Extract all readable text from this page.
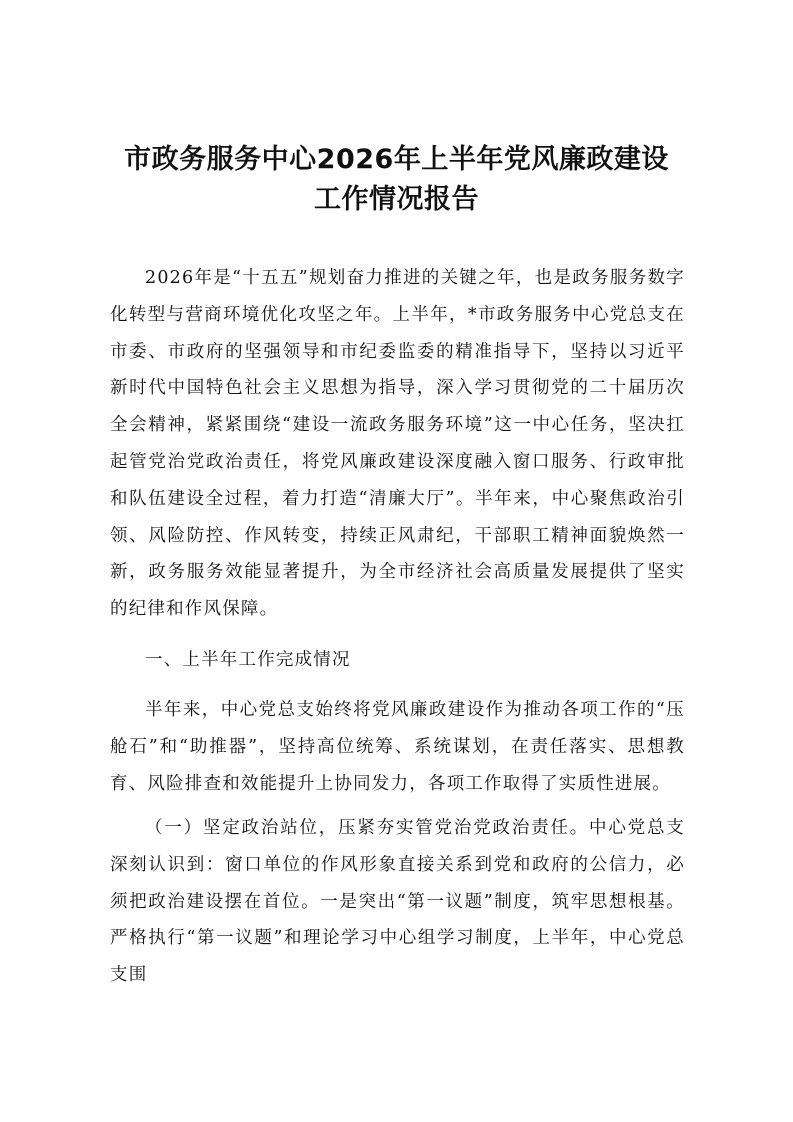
市政务服务中心2026年上半年党风廉政建设
工作情况报告

2026年是“十五五”规划奋力推进的关键之年，也是政务服务数字化转型与营商环境优化攻坚之年。上半年，*市政务服务中心党总支在市委、市政府的坚强领导和市纪委监委的精准指导下，坚持以习近平新时代中国特色社会主义思想为指导，深入学习贯彻党的二十届历次全会精神，紧紧围绕“建设一流政务服务环境”这一中心任务，坚决扛起管党治党政治责任，将党风廉政建设深度融入窗口服务、行政审批和队伍建设全过程，着力打造“清廉大厅”。半年来，中心聚焦政治引领、风险防控、作风转变，持续正风肃纪，干部职工精神面貌焕然一新，政务服务效能显著提升，为全市经济社会高质量发展提供了坚实的纪律和作风保障。

一、上半年工作完成情况

半年来，中心党总支始终将党风廉政建设作为推动各项工作的“压舱石”和“助推器”，坚持高位统筹、系统谋划，在责任落实、思想教育、风险排查和效能提升上协同发力，各项工作取得了实质性进展。

（一）坚定政治站位，压紧夯实管党治党政治责任。中心党总支深刻认识到：窗口单位的作风形象直接关系到党和政府的公信力，必须把政治建设摆在首位。一是突出“第一议题”制度，筑牢思想根基。严格执行“第一议题”和理论学习中心组学习制度，上半年，中心党总支围
